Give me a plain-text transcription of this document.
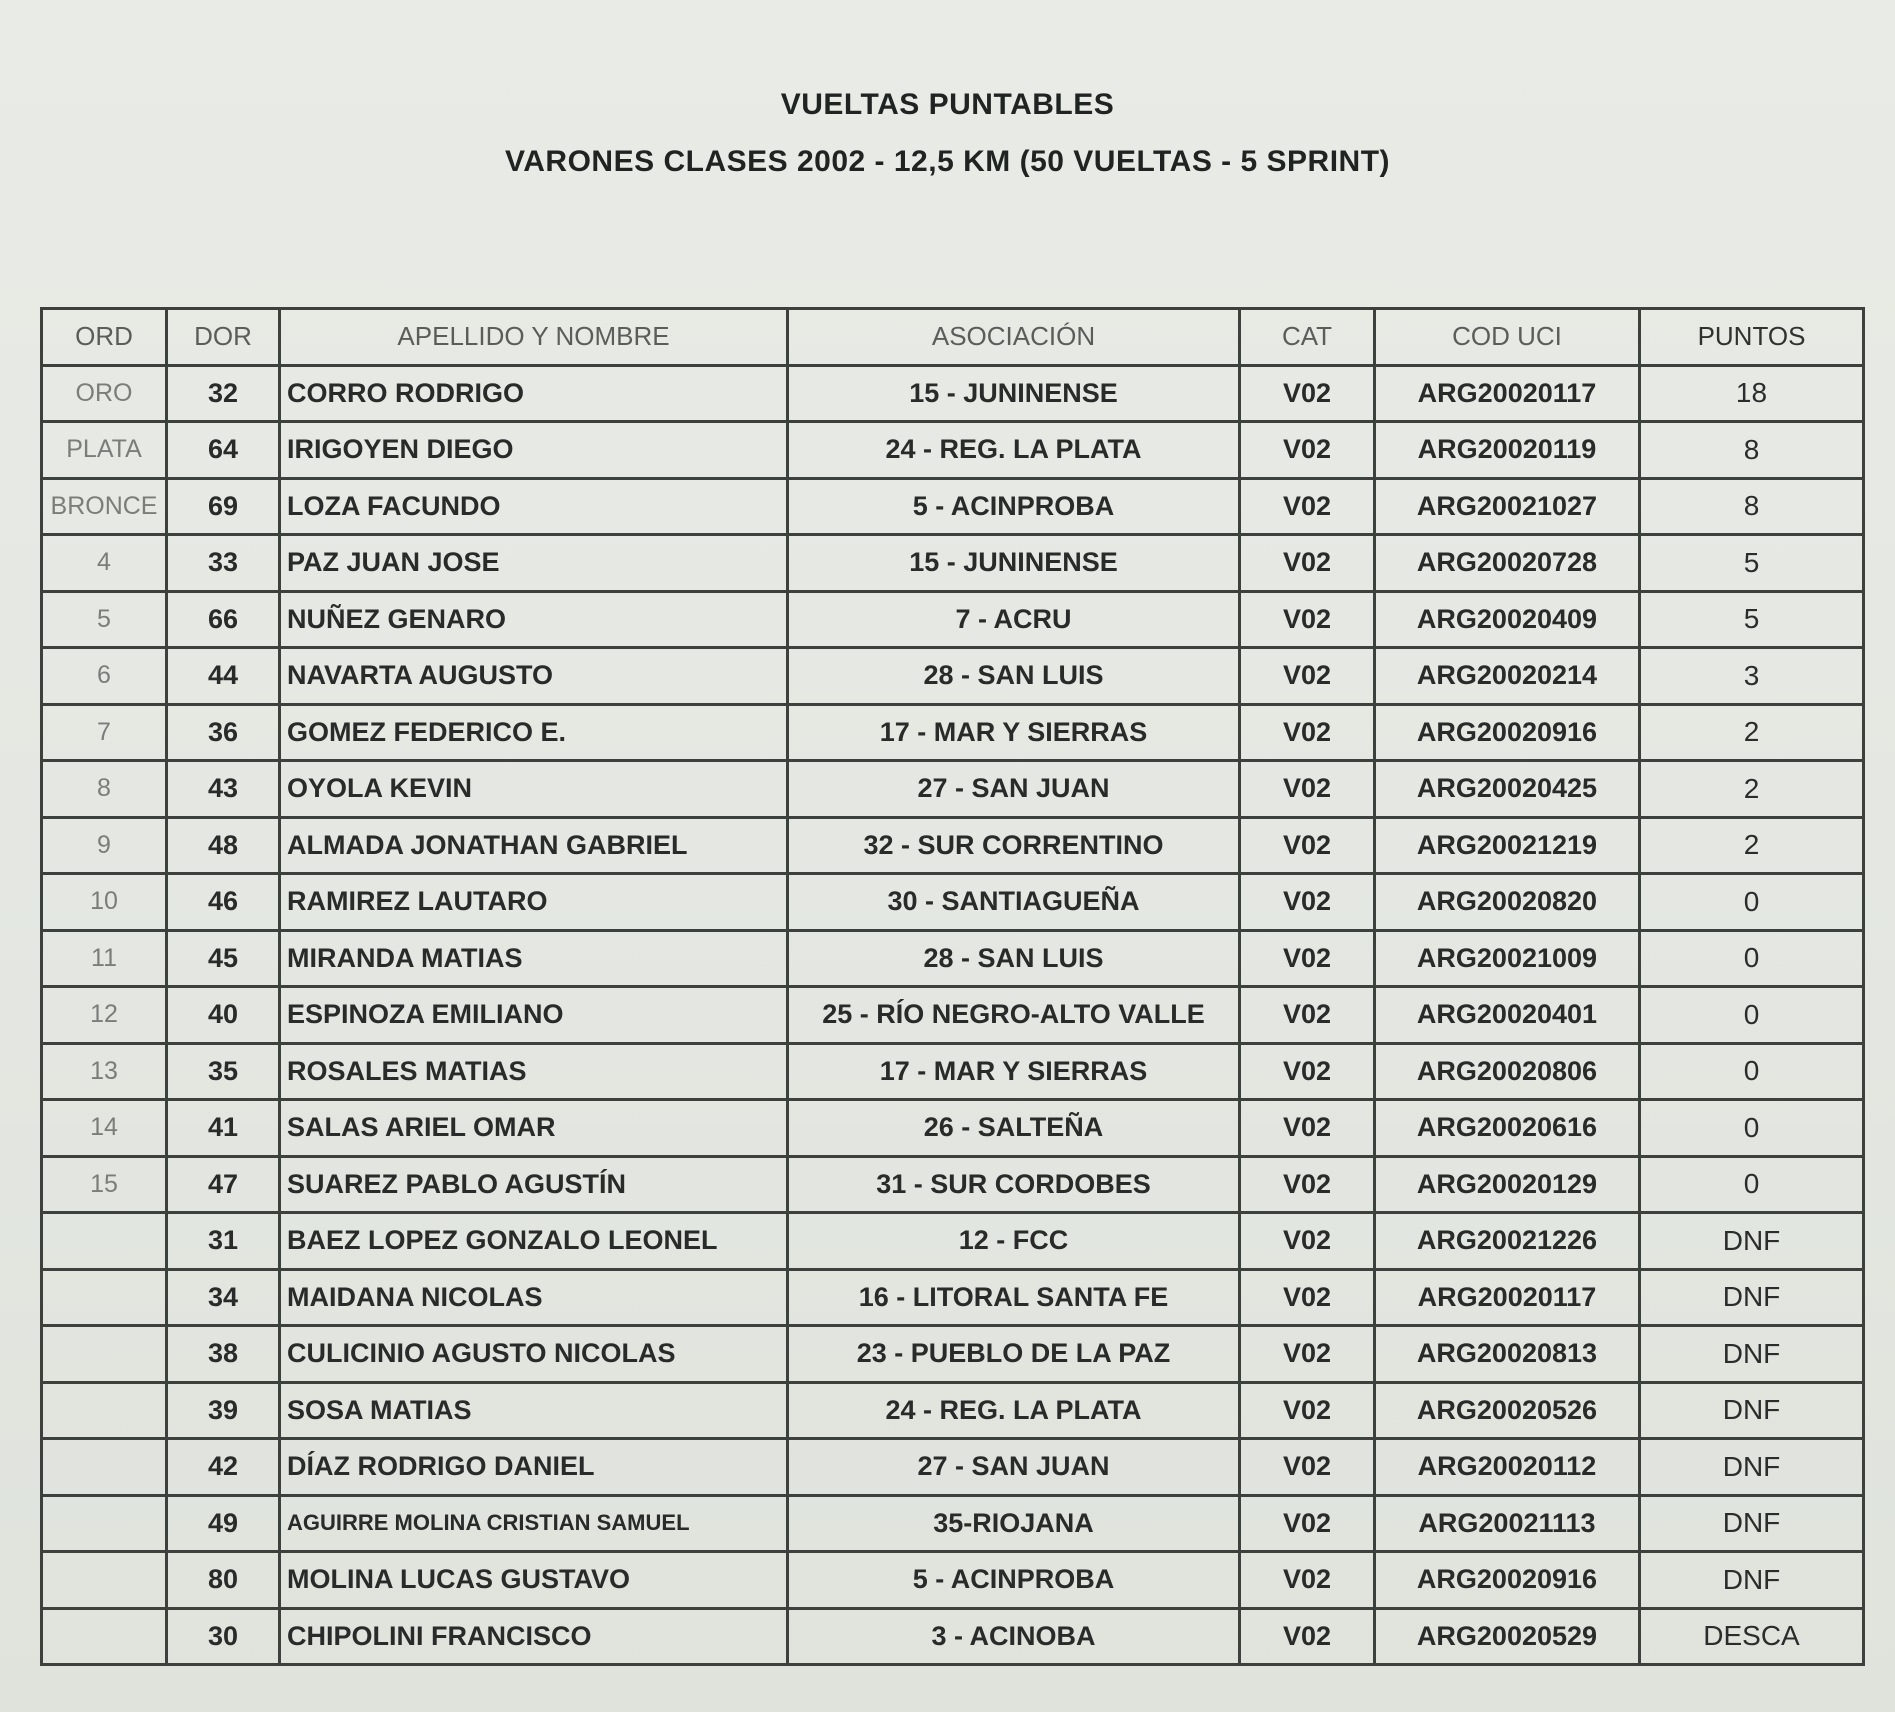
VUELTAS PUNTABLES
VARONES CLASES 2002 - 12,5 KM (50 VUELTAS - 5 SPRINT)
ORD	DOR	APELLIDO Y NOMBRE	ASOCIACIÓN	CAT	COD UCI	PUNTOS
ORO	32	CORRO RODRIGO	15 - JUNINENSE	V02	ARG20020117	18
PLATA	64	IRIGOYEN DIEGO	24 - REG. LA PLATA	V02	ARG20020119	8
BRONCE	69	LOZA FACUNDO	5 - ACINPROBA	V02	ARG20021027	8
4	33	PAZ JUAN JOSE	15 - JUNINENSE	V02	ARG20020728	5
5	66	NUÑEZ GENARO	7 - ACRU	V02	ARG20020409	5
6	44	NAVARTA AUGUSTO	28 - SAN LUIS	V02	ARG20020214	3
7	36	GOMEZ FEDERICO E.	17 - MAR Y SIERRAS	V02	ARG20020916	2
8	43	OYOLA KEVIN	27 - SAN JUAN	V02	ARG20020425	2
9	48	ALMADA JONATHAN GABRIEL	32 - SUR CORRENTINO	V02	ARG20021219	2
10	46	RAMIREZ LAUTARO	30 - SANTIAGUEÑA	V02	ARG20020820	0
11	45	MIRANDA MATIAS	28 - SAN LUIS	V02	ARG20021009	0
12	40	ESPINOZA EMILIANO	25 - RÍO NEGRO-ALTO VALLE	V02	ARG20020401	0
13	35	ROSALES MATIAS	17 - MAR Y SIERRAS	V02	ARG20020806	0
14	41	SALAS ARIEL OMAR	26 - SALTEÑA	V02	ARG20020616	0
15	47	SUAREZ PABLO AGUSTÍN	31 - SUR CORDOBES	V02	ARG20020129	0
	31	BAEZ LOPEZ GONZALO LEONEL	12 - FCC	V02	ARG20021226	DNF
	34	MAIDANA NICOLAS	16 - LITORAL SANTA FE	V02	ARG20020117	DNF
	38	CULICINIO AGUSTO NICOLAS	23 - PUEBLO DE LA PAZ	V02	ARG20020813	DNF
	39	SOSA MATIAS	24 - REG. LA PLATA	V02	ARG20020526	DNF
	42	DÍAZ RODRIGO DANIEL	27 - SAN JUAN	V02	ARG20020112	DNF
	49	AGUIRRE MOLINA CRISTIAN SAMUEL	35-RIOJANA	V02	ARG20021113	DNF
	80	MOLINA LUCAS GUSTAVO	5 - ACINPROBA	V02	ARG20020916	DNF
	30	CHIPOLINI FRANCISCO	3 - ACINOBA	V02	ARG20020529	DESCA
